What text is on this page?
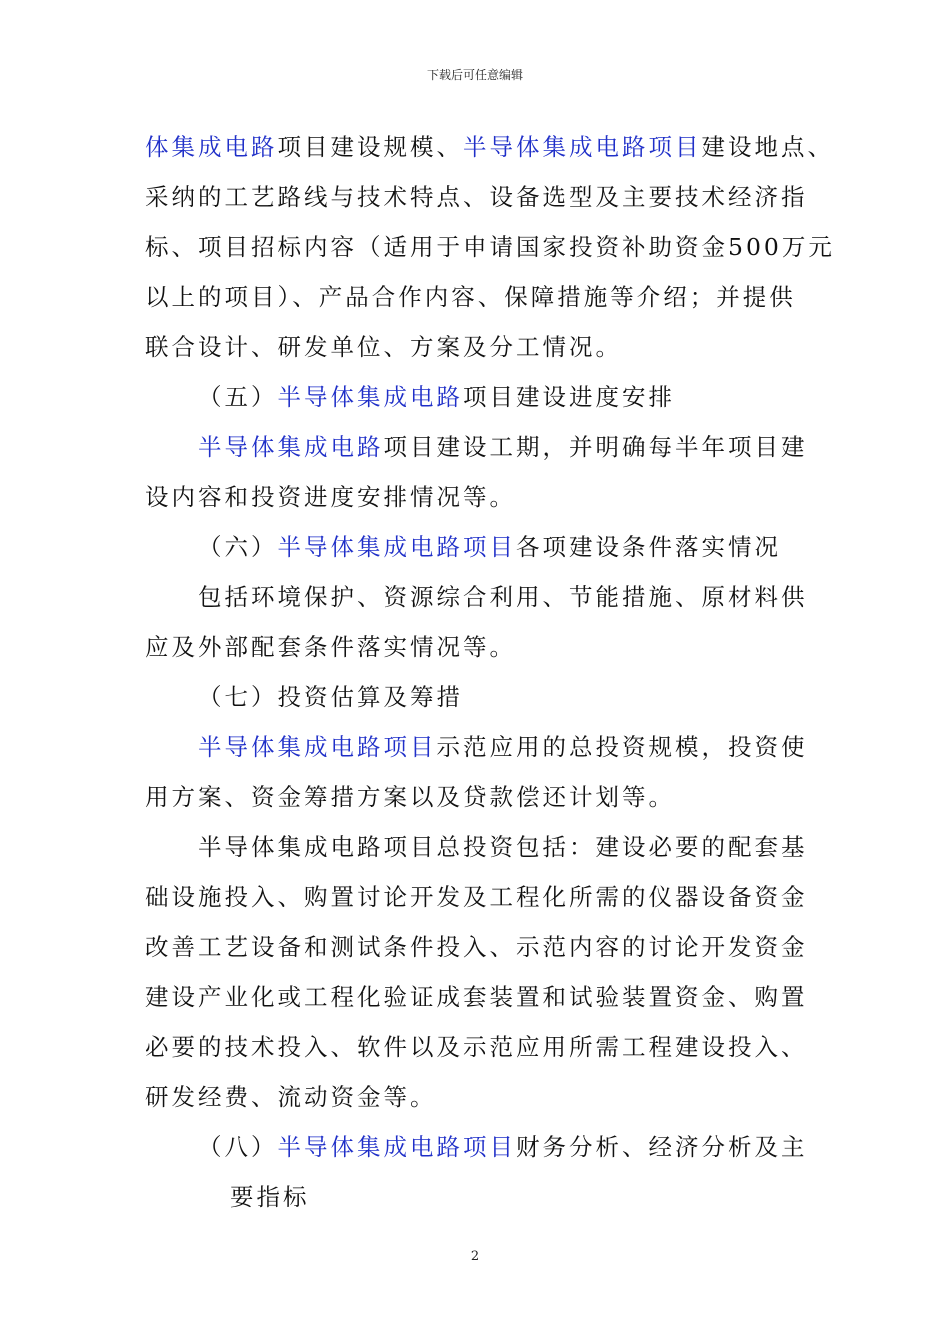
下载后可任意编辑
体集成电路项目建设规模、半导体集成电路项目建设地点、
采纳的工艺路线与技术特点、设备选型及主要技术经济指
标、项目招标内容（适用于申请国家投资补助资金500万元
以上的项目）、产品合作内容、保障措施等介绍；并提供
联合设计、研发单位、方案及分工情况。
（五）半导体集成电路项目建设进度安排
半导体集成电路项目建设工期，并明确每半年项目建
设内容和投资进度安排情况等。
（六）半导体集成电路项目各项建设条件落实情况
包括环境保护、资源综合利用、节能措施、原材料供
应及外部配套条件落实情况等。
（七）投资估算及筹措
半导体集成电路项目示范应用的总投资规模，投资使
用方案、资金筹措方案以及贷款偿还计划等。
半导体集成电路项目总投资包括：建设必要的配套基
础设施投入、购置讨论开发及工程化所需的仪器设备资金
改善工艺设备和测试条件投入、示范内容的讨论开发资金
建设产业化或工程化验证成套装置和试验装置资金、购置
必要的技术投入、软件以及示范应用所需工程建设投入、
研发经费、流动资金等。
（八）半导体集成电路项目财务分析、经济分析及主
要指标
2
